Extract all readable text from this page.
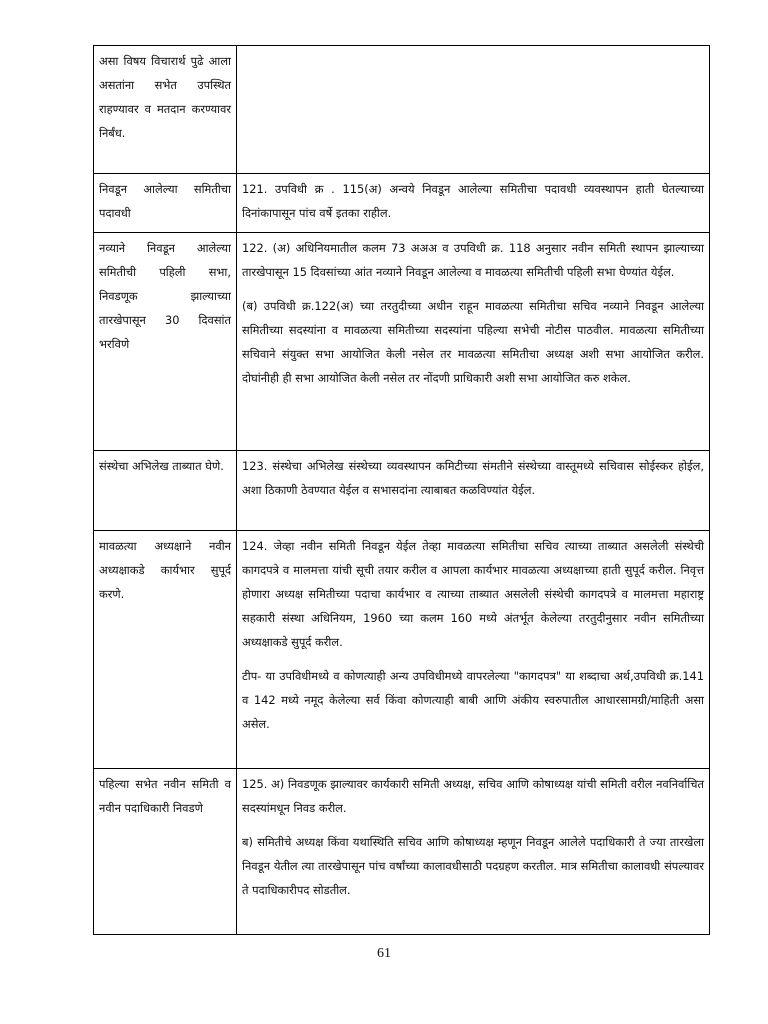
असा विषय विचारार्थ पुढे आला असतांना सभेत उपस्थित राहण्यावर व मतदान करण्यावर निर्बंध.	
निवडून आलेल्या समितीचा पदावधी	121. उपविधी क्र . 115(अ) अन्वये निवडून आलेल्या समितीचा पदावधी व्यवस्थापन हाती घेतल्याच्या दिनांकापासून पांच वर्षे इतका राहील.

नव्याने निवडून आलेल्या समितीची पहिली सभा, निवडणूक झाल्याच्या तारखेपासून 30 दिवसांत भरविणे	122. (अ) अधिनियमातील कलम 73 अअअ व उपविधी क्र. 118 अनुसार नवीन समिती स्थापन झाल्याच्या तारखेपासून 15 दिवसांच्या आंत नव्याने निवडून आलेल्या व मावळत्या समितीची पहिली सभा घेण्यांत येईल.

(ब) उपविधी क्र.122(अ) च्या तरतुदीच्या अधीन राहून मावळत्या समितीचा सचिव नव्याने निवडून आलेल्या समितीच्या सदस्यांना व मावळत्या समितीच्या सदस्यांना पहिल्या सभेची नोटीस पाठवील. मावळत्या समितीच्या सचिवाने संयुक्त सभा आयोजित केली नसेल तर मावळत्या समितीचा अध्यक्ष अशी सभा आयोजित करील. दोघांनीही ही सभा आयोजित केली नसेल तर नोंदणी प्राधिकारी अशी सभा आयोजित करु शकेल.

संस्थेचा अभिलेख ताब्यात घेणे.	123. संस्थेचा अभिलेख संस्थेच्या व्यवस्थापन कमिटीच्या संमतीने संस्थेच्या वास्तूमध्ये सचिवास सोईस्कर होईल, अशा ठिकाणी ठेवण्यात येईल व सभासदांना त्याबाबत कळविण्यांत येईल.

मावळत्या अध्यक्षाने नवीन अध्यक्षाकडे कार्यभार सुपूर्द करणे.	124. जेव्हा नवीन समिती निवडून येईल तेव्हा मावळत्या समितीचा सचिव त्याच्या ताब्यात असलेली संस्थेची कागदपत्रे व मालमत्ता यांची सूची तयार करील व आपला कार्यभार मावळत्या अध्यक्षाच्या हाती सुपूर्द करील. निवृत्त होणारा अध्यक्ष समितीच्या पदाचा कार्यभार व त्याच्या ताब्यात असलेली संस्थेची कागदपत्रे व मालमत्ता महाराष्ट्र सहकारी संस्था अधिनियम, 1960 च्या कलम 160 मध्ये अंतर्भूत केलेल्या तरतुदीनुसार नवीन समितीच्या अध्यक्षाकडे सुपूर्द करील.

टीप- या उपविधीमध्ये व कोणत्याही अन्य उपविधीमध्ये वापरलेल्या "कागदपत्र" या शब्दाचा अर्थ,उपविधी क्र.141 व 142 मध्ये नमूद केलेल्या सर्व किंवा कोणत्याही बाबी आणि अंकीय स्वरुपातील आधारसामग्री/माहिती असा असेल.

पहिल्या सभेत नवीन समिती व नवीन पदाधिकारी निवडणे	125. अ) निवडणूक झाल्यावर कार्यकारी समिती अध्यक्ष, सचिव आणि कोषाध्यक्ष यांची समिती वरील नवनिर्वाचित सदस्यांमधून निवड करील.

ब) समितीचे अध्यक्ष किंवा यथास्थिति सचिव आणि कोषाध्यक्ष म्हणून निवडून आलेले पदाधिकारी ते ज्या तारखेला निवडून येतील त्या तारखेपासून पांच वर्षांच्या कालावधीसाठी पदग्रहण करतील. मात्र समितीचा कालावधी संपल्यावर ते पदाधिकारीपद सोडतील.

61
